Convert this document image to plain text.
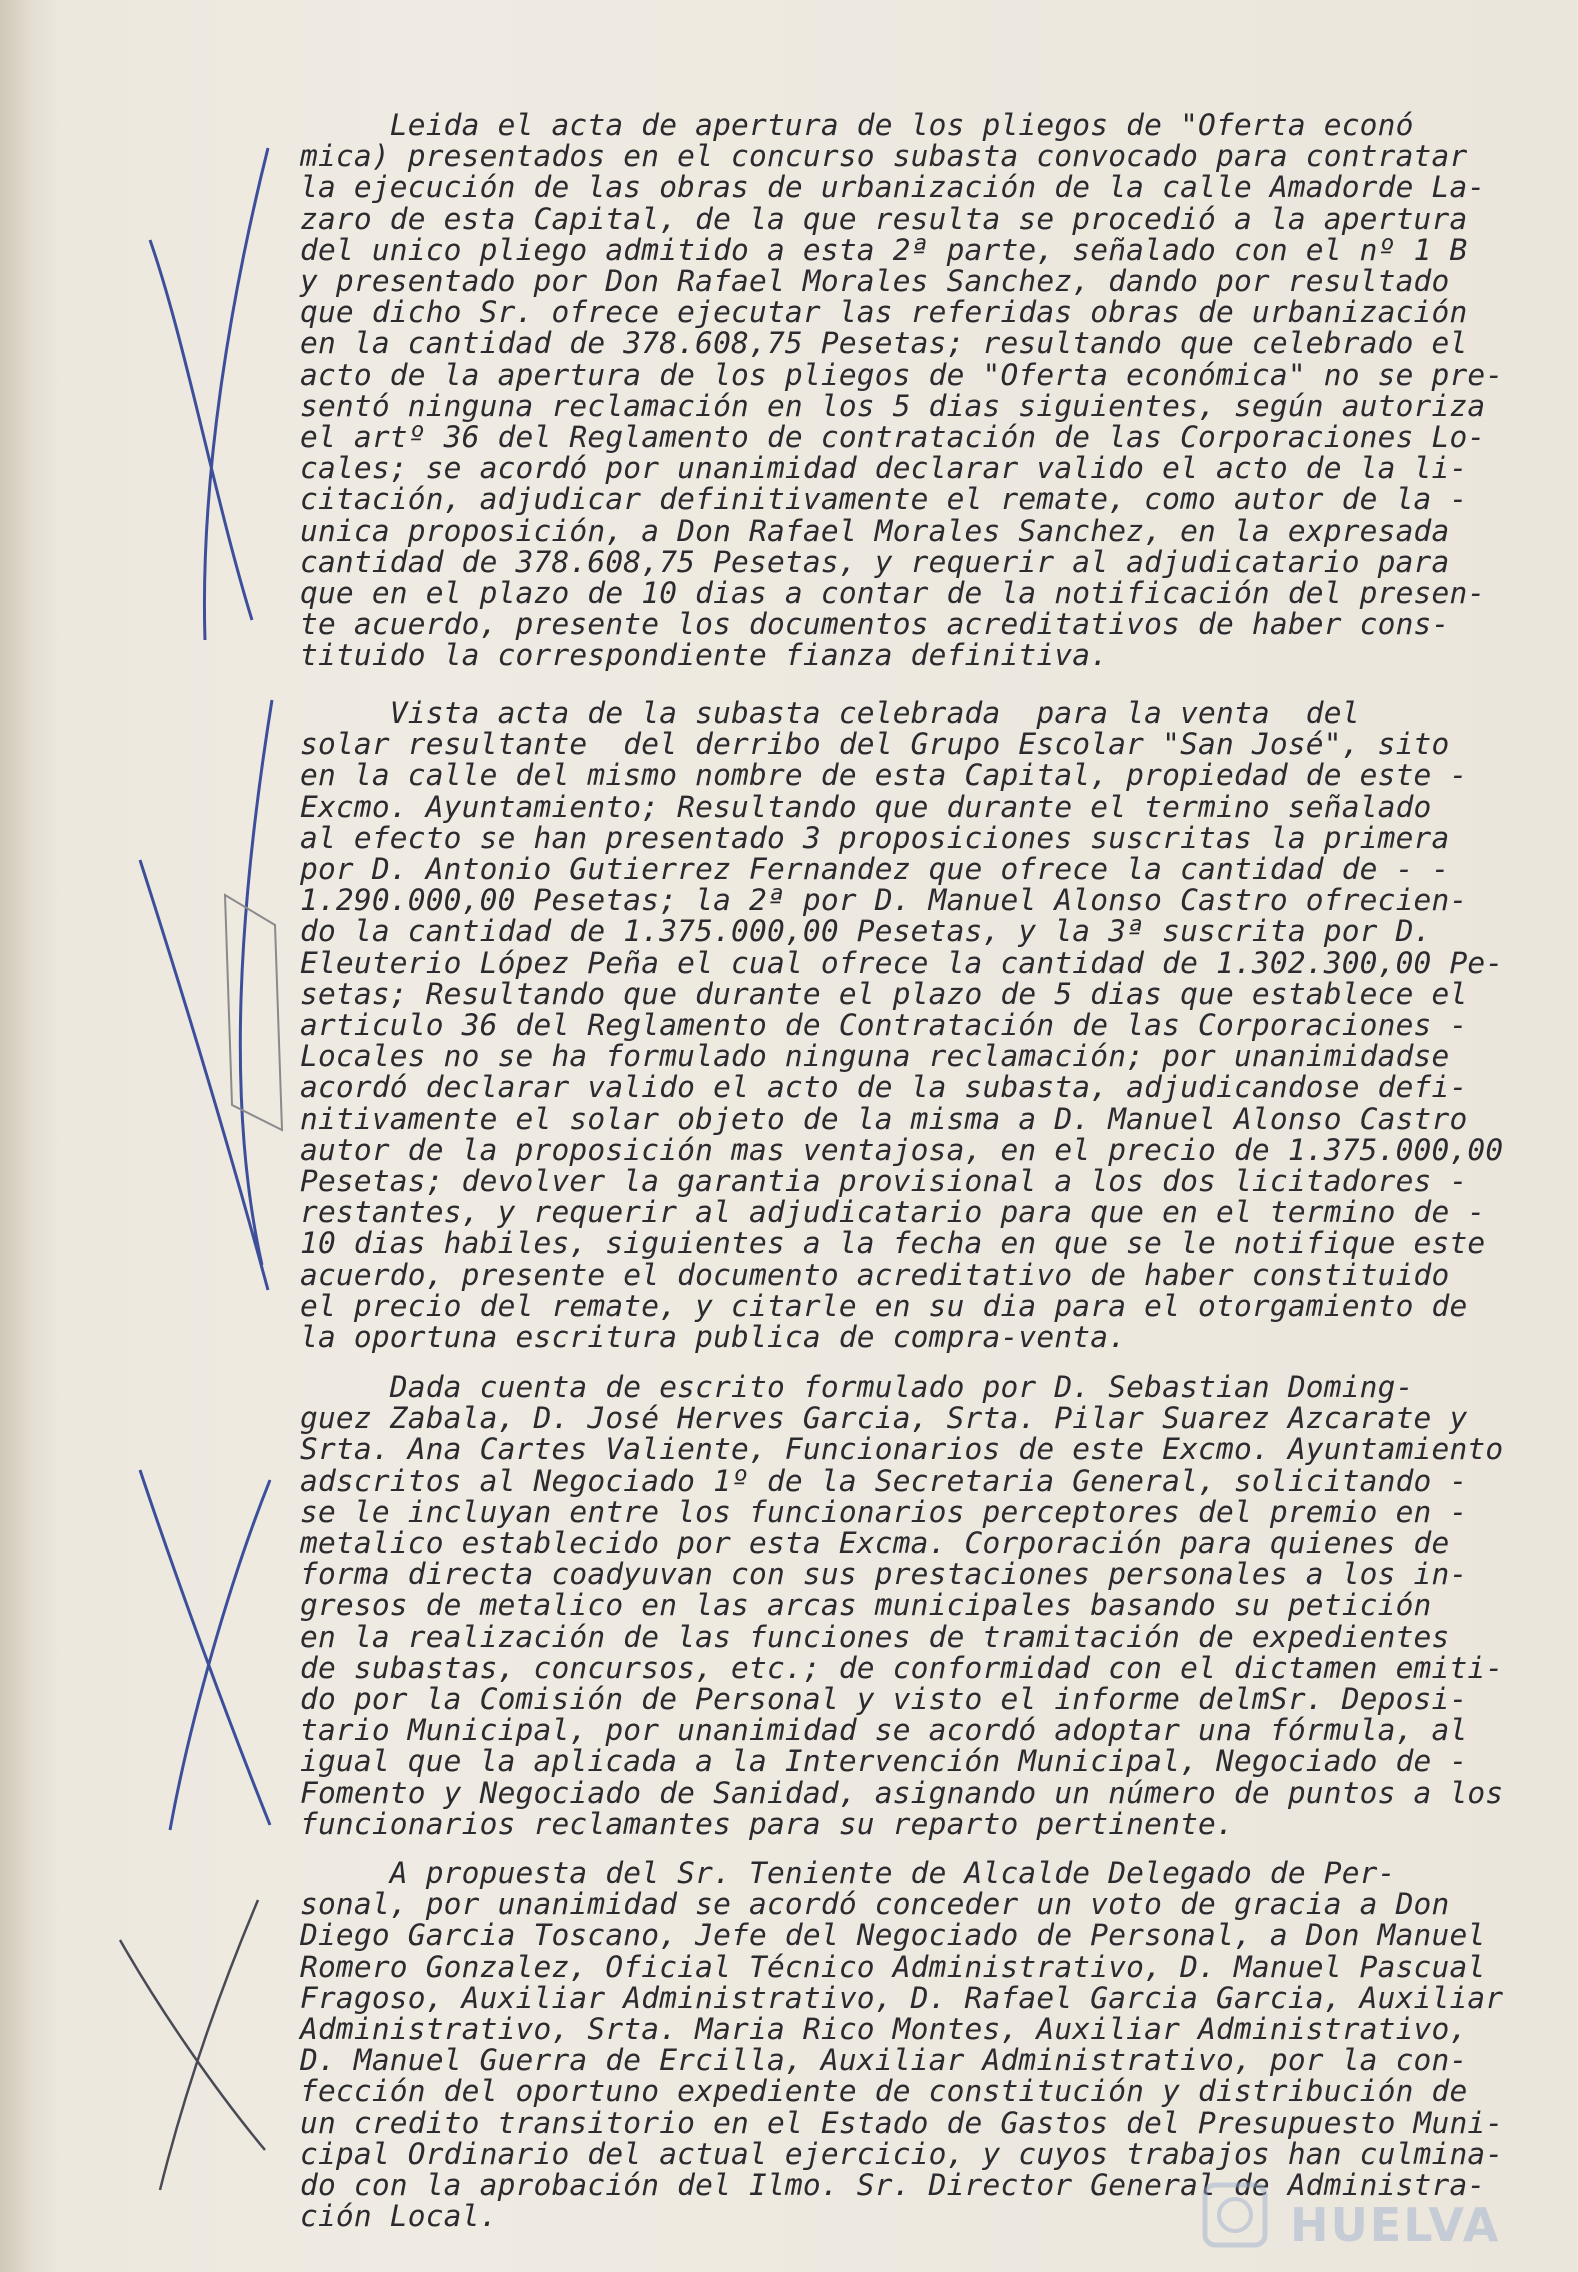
Leida el acta de apertura de los pliegos de "Oferta econó
mica) presentados en el concurso subasta convocado para contratar
la ejecución de las obras de urbanización de la calle Amadorde La-
zaro de esta Capital, de la que resulta se procedió a la apertura
del unico pliego admitido a esta 2ª parte, señalado con el nº 1 B
y presentado por Don Rafael Morales Sanchez, dando por resultado
que dicho Sr. ofrece ejecutar las referidas obras de urbanización
en la cantidad de 378.608,75 Pesetas; resultando que celebrado el
acto de la apertura de los pliegos de "Oferta económica" no se pre-
sentó ninguna reclamación en los 5 dias siguientes, según autoriza
el artº 36 del Reglamento de contratación de las Corporaciones Lo-
cales; se acordó por unanimidad declarar valido el acto de la li-
citación, adjudicar definitivamente el remate, como autor de la -
unica proposición, a Don Rafael Morales Sanchez, en la expresada
cantidad de 378.608,75 Pesetas, y requerir al adjudicatario para
que en el plazo de 10 dias a contar de la notificación del presen-
te acuerdo, presente los documentos acreditativos de haber cons-
tituido la correspondiente fianza definitiva.
Vista acta de la subasta celebrada  para la venta  del
solar resultante  del derribo del Grupo Escolar "San José", sito
en la calle del mismo nombre de esta Capital, propiedad de este -
Excmo. Ayuntamiento; Resultando que durante el termino señalado
al efecto se han presentado 3 proposiciones suscritas la primera
por D. Antonio Gutierrez Fernandez que ofrece la cantidad de - -
1.290.000,00 Pesetas; la 2ª por D. Manuel Alonso Castro ofrecien-
do la cantidad de 1.375.000,00 Pesetas, y la 3ª suscrita por D.
Eleuterio López Peña el cual ofrece la cantidad de 1.302.300,00 Pe-
setas; Resultando que durante el plazo de 5 dias que establece el
articulo 36 del Reglamento de Contratación de las Corporaciones -
Locales no se ha formulado ninguna reclamación; por unanimidadse
acordó declarar valido el acto de la subasta, adjudicandose defi-
nitivamente el solar objeto de la misma a D. Manuel Alonso Castro
autor de la proposición mas ventajosa, en el precio de 1.375.000,00
Pesetas; devolver la garantia provisional a los dos licitadores -
restantes, y requerir al adjudicatario para que en el termino de -
10 dias habiles, siguientes a la fecha en que se le notifique este
acuerdo, presente el documento acreditativo de haber constituido
el precio del remate, y citarle en su dia para el otorgamiento de
la oportuna escritura publica de compra-venta.
Dada cuenta de escrito formulado por D. Sebastian Doming-
guez Zabala, D. José Herves Garcia, Srta. Pilar Suarez Azcarate y
Srta. Ana Cartes Valiente, Funcionarios de este Excmo. Ayuntamiento
adscritos al Negociado 1º de la Secretaria General, solicitando -
se le incluyan entre los funcionarios perceptores del premio en -
metalico establecido por esta Excma. Corporación para quienes de
forma directa coadyuvan con sus prestaciones personales a los in-
gresos de metalico en las arcas municipales basando su petición
en la realización de las funciones de tramitación de expedientes
de subastas, concursos, etc.; de conformidad con el dictamen emiti-
do por la Comisión de Personal y visto el informe delmSr. Deposi-
tario Municipal, por unanimidad se acordó adoptar una fórmula, al
igual que la aplicada a la Intervención Municipal, Negociado de -
Fomento y Negociado de Sanidad, asignando un número de puntos a los
funcionarios reclamantes para su reparto pertinente.
A propuesta del Sr. Teniente de Alcalde Delegado de Per-
sonal, por unanimidad se acordó conceder un voto de gracia a Don
Diego Garcia Toscano, Jefe del Negociado de Personal, a Don Manuel
Romero Gonzalez, Oficial Técnico Administrativo, D. Manuel Pascual
Fragoso, Auxiliar Administrativo, D. Rafael Garcia Garcia, Auxiliar
Administrativo, Srta. Maria Rico Montes, Auxiliar Administrativo,
D. Manuel Guerra de Ercilla, Auxiliar Administrativo, por la con-
fección del oportuno expediente de constitución y distribución de
un credito transitorio en el Estado de Gastos del Presupuesto Muni-
cipal Ordinario del actual ejercicio, y cuyos trabajos han culmina-
do con la aprobación del Ilmo. Sr. Director General de Administra-
ción Local.	HUELVA
